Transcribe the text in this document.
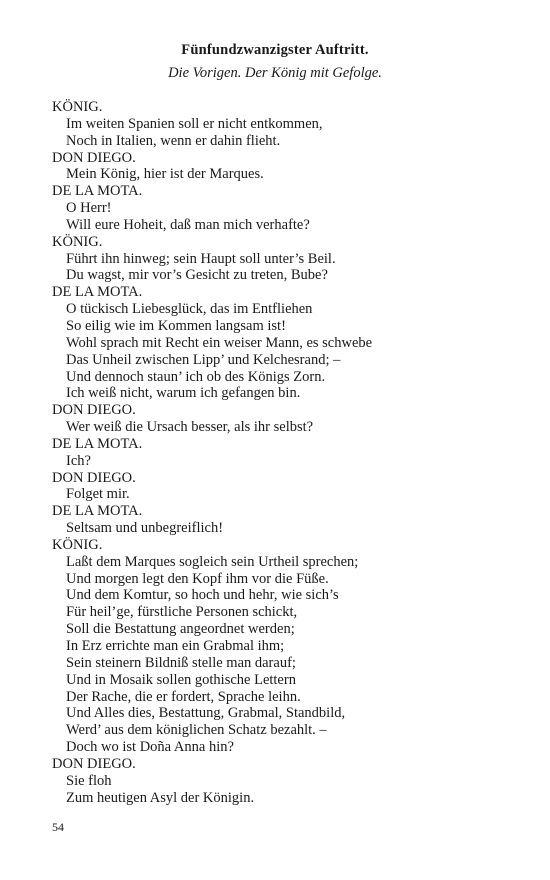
Fünfundzwanzigster Auftritt.

Die Vorigen. Der König mit Gefolge.

KÖNIG.
Im weiten Spanien soll er nicht entkommen,
Noch in Italien, wenn er dahin flieht.
DON DIEGO.
Mein König, hier ist der Marques.
DE LA MOTA.
O Herr!
Will eure Hoheit, daß man mich verhafte?
KÖNIG.
Führt ihn hinweg; sein Haupt soll unter’s Beil.
Du wagst, mir vor’s Gesicht zu treten, Bube?
DE LA MOTA.
O tückisch Liebesglück, das im Entfliehen
So eilig wie im Kommen langsam ist!
Wohl sprach mit Recht ein weiser Mann, es schwebe
Das Unheil zwischen Lipp’ und Kelchesrand; –
Und dennoch staun’ ich ob des Königs Zorn.
Ich weiß nicht, warum ich gefangen bin.
DON DIEGO.
Wer weiß die Ursach besser, als ihr selbst?
DE LA MOTA.
Ich?
DON DIEGO.
Folget mir.
DE LA MOTA.
Seltsam und unbegreiflich!
KÖNIG.
Laßt dem Marques sogleich sein Urtheil sprechen;
Und morgen legt den Kopf ihm vor die Füße.
Und dem Komtur, so hoch und hehr, wie sich’s
Für heil’ge, fürstliche Personen schickt,
Soll die Bestattung angeordnet werden;
In Erz errichte man ein Grabmal ihm;
Sein steinern Bildniß stelle man darauf;
Und in Mosaik sollen gothische Lettern
Der Rache, die er fordert, Sprache leihn.
Und Alles dies, Bestattung, Grabmal, Standbild,
Werd’ aus dem königlichen Schatz bezahlt. –
Doch wo ist Doña Anna hin?
DON DIEGO.
Sie floh
Zum heutigen Asyl der Königin.

54
